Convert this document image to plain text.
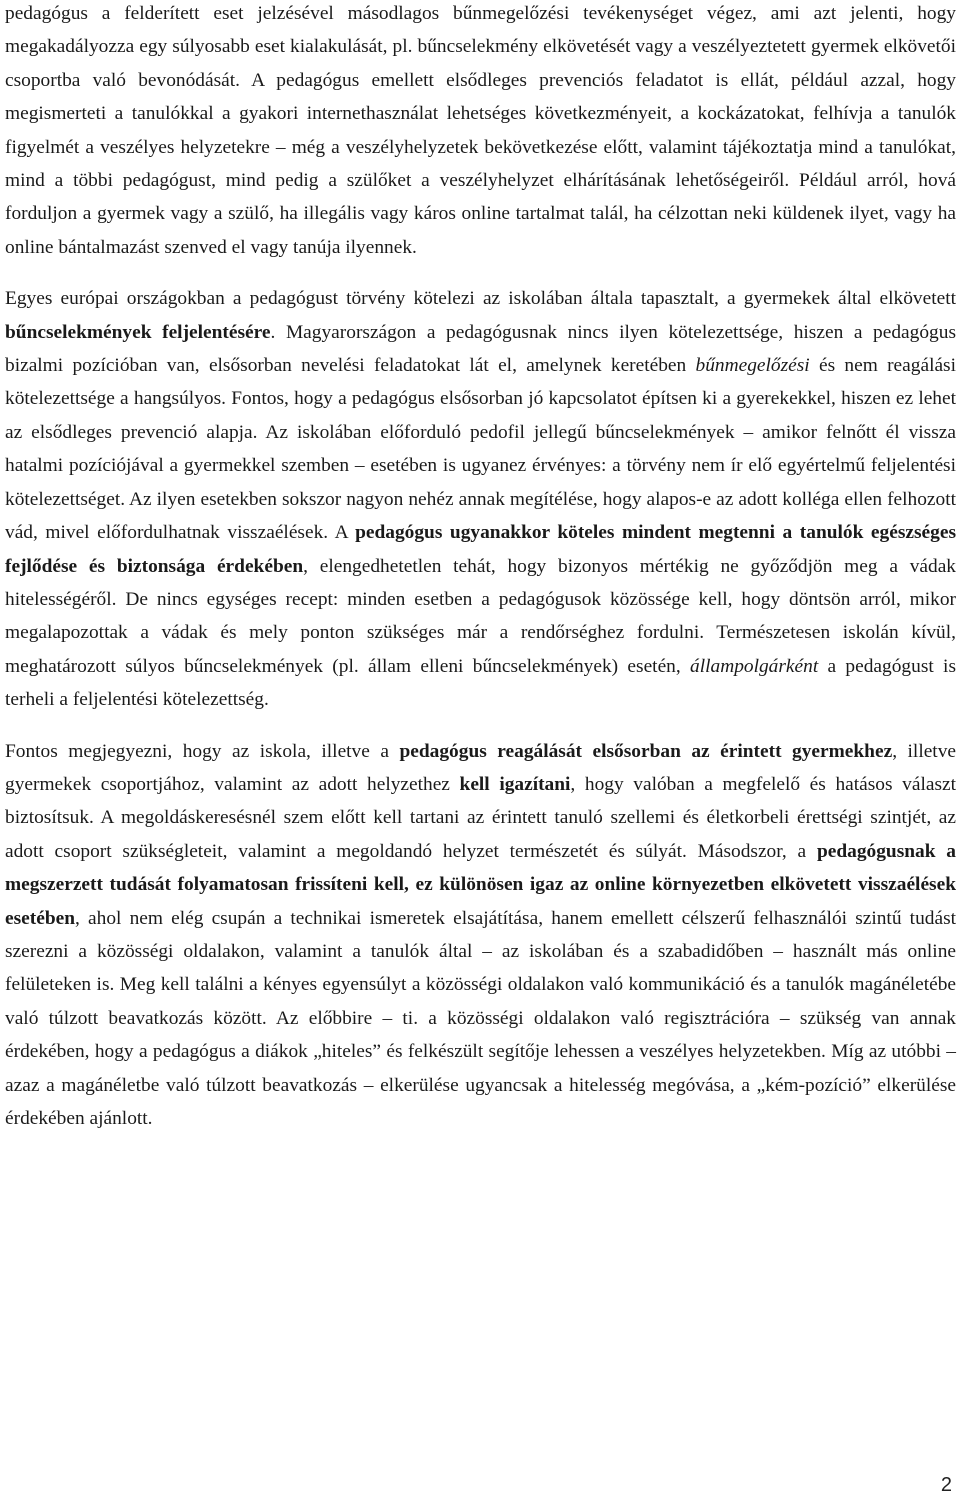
pedagógus a felderített eset jelzésével másodlagos bűnmegelőzési tevékenységet végez, ami azt jelenti, hogy megakadályozza egy súlyosabb eset kialakulását, pl. bűncselekmény elkövetését vagy a veszélyeztetett gyermek elkövetői csoportba való bevonódását. A pedagógus emellett elsődleges prevenciós feladatot is ellát, például azzal, hogy megismerteti a tanulókkal a gyakori internethasználat lehetséges következményeit, a kockázatokat, felhívja a tanulók figyelmét a veszélyes helyzetekre – még a veszélyhelyzetek bekövetkezése előtt, valamint tájékoztatja mind a tanulókat, mind a többi pedagógust, mind pedig a szülőket a veszélyhelyzet elhárításának lehetőségeiről. Például arról, hová forduljon a gyermek vagy a szülő, ha illegális vagy káros online tartalmat talál, ha célzottan neki küldenek ilyet, vagy ha online bántalmazást szenved el vagy tanúja ilyennek.

Egyes európai országokban a pedagógust törvény kötelezi az iskolában általa tapasztalt, a gyermekek által elkövetett bűncselekmények feljelentésére. Magyarországon a pedagógusnak nincs ilyen kötelezettsége, hiszen a pedagógus bizalmi pozícióban van, elsősorban nevelési feladatokat lát el, amelynek keretében bűnmegelőzési és nem reagálási kötelezettsége a hangsúlyos. Fontos, hogy a pedagógus elsősorban jó kapcsolatot építsen ki a gyerekekkel, hiszen ez lehet az elsődleges prevenció alapja. Az iskolában előforduló pedofil jellegű bűncselekmények – amikor felnőtt él vissza hatalmi pozíciójával a gyermekkel szemben – esetében is ugyanez érvényes: a törvény nem ír elő egyértelmű feljelentési kötelezettséget. Az ilyen esetekben sokszor nagyon nehéz annak megítélése, hogy alapos-e az adott kolléga ellen felhozott vád, mivel előfordulhatnak visszaélések. A pedagógus ugyanakkor köteles mindent megtenni a tanulók egészséges fejlődése és biztonsága érdekében, elengedhetetlen tehát, hogy bizonyos mértékig ne győződjön meg a vádak hitelességéről. De nincs egységes recept: minden esetben a pedagógusok közössége kell, hogy döntsön arról, mikor megalapozottak a vádak és mely ponton szükséges már a rendőrséghez fordulni. Természetesen iskolán kívül, meghatározott súlyos bűncselekmények (pl. állam elleni bűncselekmények) esetén, állampolgárként a pedagógust is terheli a feljelentési kötelezettség.

Fontos megjegyezni, hogy az iskola, illetve a pedagógus reagálását elsősorban az érintett gyermekhez, illetve gyermekek csoportjához, valamint az adott helyzethez kell igazítani, hogy valóban a megfelelő és hatásos választ biztosítsuk. A megoldáskeresésnél szem előtt kell tartani az érintett tanuló szellemi és életkorbeli érettségi szintjét, az adott csoport szükségleteit, valamint a megoldandó helyzet természetét és súlyát. Másodszor, a pedagógusnak a megszerzett tudását folyamatosan frissíteni kell, ez különösen igaz az online környezetben elkövetett visszaélések esetében, ahol nem elég csupán a technikai ismeretek elsajátítása, hanem emellett célszerű felhasználói szintű tudást szerezni a közösségi oldalakon, valamint a tanulók által – az iskolában és a szabadidőben – használt más online felületeken is. Meg kell találni a kényes egyensúlyt a közösségi oldalakon való kommunikáció és a tanulók magánéletébe való túlzott beavatkozás között. Az előbbire – ti. a közösségi oldalakon való regisztrációra – szükség van annak érdekében, hogy a pedagógus a diákok „hiteles” és felkészült segítője lehessen a veszélyes helyzetekben. Míg az utóbbi – azaz a magánéletbe való túlzott beavatkozás – elkerülése ugyancsak a hitelesség megóvása, a „kém-pozíció” elkerülése érdekében ajánlott.

2
